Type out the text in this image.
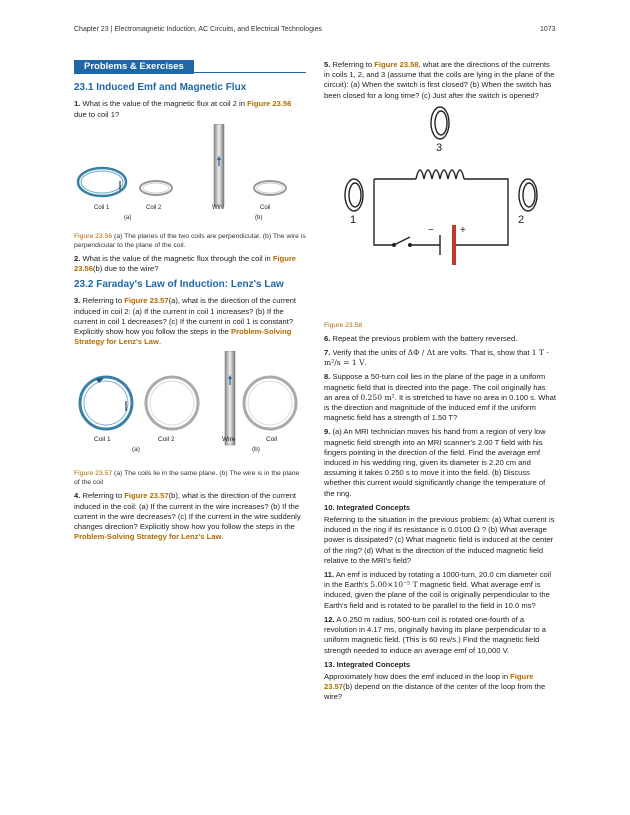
Chapter 23 | Electromagnetic Induction, AC Circuits, and Electrical Technologies	1073
Problems & Exercises
23.1 Induced Emf and Magnetic Flux

1. What is the value of the magnetic flux at coil 2 in Figure 23.56 due to coil 1?

Coil 1	Coil 2	Wire	Coil
(a)	(b)

Figure 23.56 (a) The planes of the two coils are perpendicular. (b) The wire is perpendicular to the plane of the coil.

2. What is the value of the magnetic flux through the coil in Figure 23.56(b) due to the wire?

23.2 Faraday's Law of Induction: Lenz's Law

3. Referring to Figure 23.57(a), what is the direction of the current induced in coil 2: (a) If the current in coil 1 increases? (b) If the current in coil 1 decreases? (c) If the current in coil 1 is constant? Explicitly show how you follow the steps in the Problem-Solving Strategy for Lenz's Law.

Coil 1	Coil 2	Wire	Coil
(a)	(b)

Figure 23.57 (a) The coils lie in the same plane. (b) The wire is in the plane of the coil

4. Referring to Figure 23.57(b), what is the direction of the current induced in the coil: (a) If the current in the wire increases? (b) If the current in the wire decreases? (c) If the current in the wire suddenly changes direction? Explicitly show how you follow the steps in the Problem-Solving Strategy for Lenz's Law.

5. Referring to Figure 23.58, what are the directions of the currents in coils 1, 2, and 3 (assume that the coils are lying in the plane of the circuit): (a) When the switch is first closed? (b) When the switch has been closed for a long time? (c) Just after the switch is opened?

3
1	2
−	+

Figure 23.58

6. Repeat the previous problem with the battery reversed.

7. Verify that the units of ΔΦ / Δt are volts. That is, show that 1 T · m²/s = 1 V.

8. Suppose a 50-turn coil lies in the plane of the page in a uniform magnetic field that is directed into the page. The coil originally has an area of 0.250 m². It is stretched to have no area in 0.100 s. What is the direction and magnitude of the induced emf if the uniform magnetic field has a strength of 1.50 T?

9. (a) An MRI technician moves his hand from a region of very low magnetic field strength into an MRI scanner's 2.00 T field with his fingers pointing in the direction of the field. Find the average emf induced in his wedding ring, given its diameter is 2.20 cm and assuming it takes 0.250 s to move it into the field. (b) Discuss whether this current would significantly change the temperature of the ring.

10. Integrated Concepts

Referring to the situation in the previous problem: (a) What current is induced in the ring if its resistance is 0.0100 Ω ? (b) What average power is dissipated? (c) What magnetic field is induced at the center of the ring? (d) What is the direction of the induced magnetic field relative to the MRI's field?

11. An emf is induced by rotating a 1000-turn, 20.0 cm diameter coil in the Earth's 5.00×10⁻⁵ T magnetic field. What average emf is induced, given the plane of the coil is originally perpendicular to the Earth's field and is rotated to be parallel to the field in 10.0 ms?

12. A 0.250 m radius, 500-turn coil is rotated one-fourth of a revolution in 4.17 ms, originally having its plane perpendicular to a uniform magnetic field. (This is 60 rev/s.) Find the magnetic field strength needed to induce an average emf of 10,000 V.

13. Integrated Concepts

Approximately how does the emf induced in the loop in Figure 23.57(b) depend on the distance of the center of the loop from the wire?
